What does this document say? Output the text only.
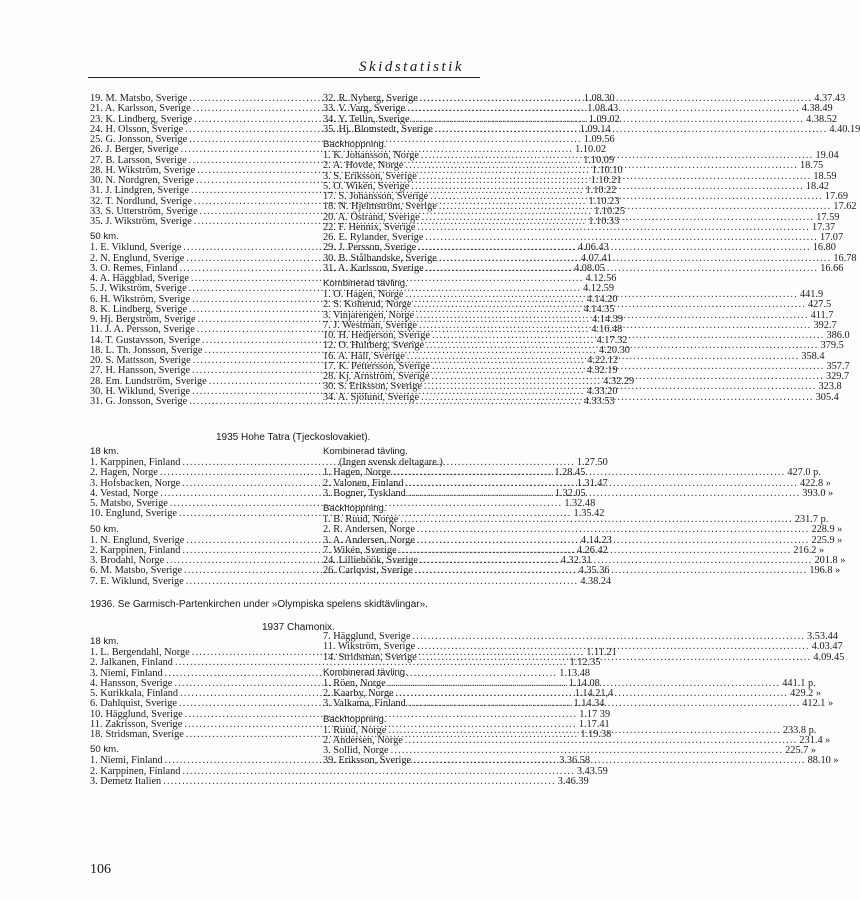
Skidstatistik
19. M. Matsbo, Sverige .....	1.08.30
21. A. Karlsson, Sverige .....	1.08.43
23. K. Lindberg, Sverige .....	1.09.02
24. H. Olsson, Sverige .....	1.09.14
25. G. Jonsson, Sverige .....	1.09.56
26. J. Berger, Sverige .....	1.10.02
27. B. Larsson, Sverige .....	1.10.09
28. H. Wikström, Sverige .....	1.10.10
30. N. Nordgren, Sverige .....	1.10.21
31. J. Lindgren, Sverige .....	1.10.22
32. T. Nordlund, Sverige .....	1.10.23
33. S. Utterström, Sverige .....	1.10.25
35. J. Wikström, Sverige .....	1.10.33
50 km.
1. E. Viklund, Sverige .....	4.06.43
2. N. Englund, Sverige .....	4.07.41
3. O. Remes, Finland .....	4.08.05
4. A. Häggblad, Sverige .....	4.12.56
5. J. Wikström, Sverige .....	4.12.59
6. H. Wikström, Sverige .....	4.14.20
8. K. Lindberg, Sverige .....	4.14.35
9. Hj. Bergström, Sverige .....	4.14.39
11. J. A. Persson, Sverige .....	4.16.48
14. T. Gustavsson, Sverige .....	4.17.32
18. L. Th. Jonsson, Sverige .....	4.20.30
20. S. Mattsson, Sverige .....	4.22.12
27. H. Hansson, Sverige .....	4.32.19
28. Em. Lundström, Sverige .....	4.32.29
30. H. Wiklund, Sverige .....	4.33.20
31. G. Jonsson, Sverige .....	4.33.53
32. R. Nyberg, Sverige .....	4.37.43
33. V. Varg, Sverige .....	4.38.49
34. Y. Tellin, Sverige .....	4.38.52
35. Hj. Blomstedt, Sverige .....	4.40.19
Backhoppning.
1. K. Johansson, Norge .....	19.04
2. A. Hovde, Norge .....	18.75
3. S. Eriksson, Sverige .....	18.59
5. O. Wikén, Sverige .....	18.42
17. S. Johansson, Sverige .....	17.69
18. N. Hjelmström, Sverige .....	17.62
20. A. Östrand, Sverige .....	17.59
22. F. Hennix, Sverige .....	17.37
26. E. Rylander, Sverige .....	17.07
29. J. Persson, Sverige .....	16.80
30. B. Stålhandske, Sverige .....	16.78
31. A. Karlsson, Sverige .....	16.66
Kombinerad tävling.
1. O. Hagen, Norge .....	441.9
2. S. Kolterud, Norge .....	427.5
3. Vinjarengen, Norge .....	411.7
7. J. Westman, Sverige .....	392.7
10. H. Hedjerson, Sverige .....	386.0
12. O. Hultberg, Sverige .....	379.5
16. A. Häll, Sverige .....	358.4
17. K. Pettersson, Sverige .....	357.7
28. Kj. Arnström, Sverige .....	329.7
30. S. Eriksson, Sverige .....	323.8
34. A. Sjölund, Sverige .....	305.4
1935 Hohe Tatra (Tjeckoslovakiet).
18 km.
1. Karppinen, Finland .....	1.27.50
2. Hagen, Norge .....	1.28.45
3. Hofsbacken, Norge .....	1.31.47
4. Vestad, Norge .....	1.32.05
5. Matsbo, Sverige .....	1.32.48
10. Englund, Sverige .....	1.35.42
50 km.
1. N. Englund, Sverige .....	4.14.23
2. Karppinen, Finland .....	4.26.42
3. Brodahl, Norge .....	4.32.31
6. M. Matsbo, Sverige .....	4.35.36
7. E. Wiklund, Sverige .....	4.38.24
Kombinerad tävling.
(Ingen svensk deltagare.)
1. Hagen, Norge .....	427.0 p.
2. Valonen, Finland .....	422.8 »
3. Bogner, Tyskland .....	393.0 »
Backhoppning.
1. B. Ruud, Norge .....	231.7 p.
2. R. Andersen, Norge .....	228.9 »
3. A. Andersen, Norge .....	225.9 »
7. Wikén, Sverige .....	216.2 »
24. Lilliehöök, Sverige .....	201.8 »
26. Carlqvist, Sverige .....	196.8 »
1936. Se Garmisch-Partenkirchen under »Olympiska spelens skidtävlingar».
1937 Chamonix.
18 km.
1. L. Bergendahl, Norge .....	1.11.21
2. Jalkanen, Finland .....	1.12.35
3. Niemi, Finland .....	1.13.48
4. Hansson, Sverige .....	1.14.08
5. Kurikkala, Finland .....	1.14.21,4
6. Dahlquist, Sverige .....	1.14.34
10. Hägglund, Sverige .....	1.17 39
11. Zakrisson, Sverige .....	1.17.41
18. Stridsman, Sverige .....	1.19.38
50 km.
1. Niemi, Finland .....	3.36.58
2. Karppinen, Finland .....	3.43.59
3. Demetz Italien .....	3.46.39
7. Hägglund, Sverige .....	3.53.44
11. Wikström, Sverige .....	4.03.47
14. Stridsman, Sverige .....	4.09.45
Kombinerad tävling.
1. Röen, Norge .....	441.1 p.
2. Kaarby, Norge .....	429.2 »
3. Valkama, Finland .....	412.1 »
Backhoppning.
1. Ruud, Norge .....	233.8 p.
2. Andersen, Norge .....	231.4 »
3. Sollid, Norge .....	225.7 »
39. Eriksson, Sverige .....	88.10 »
106
